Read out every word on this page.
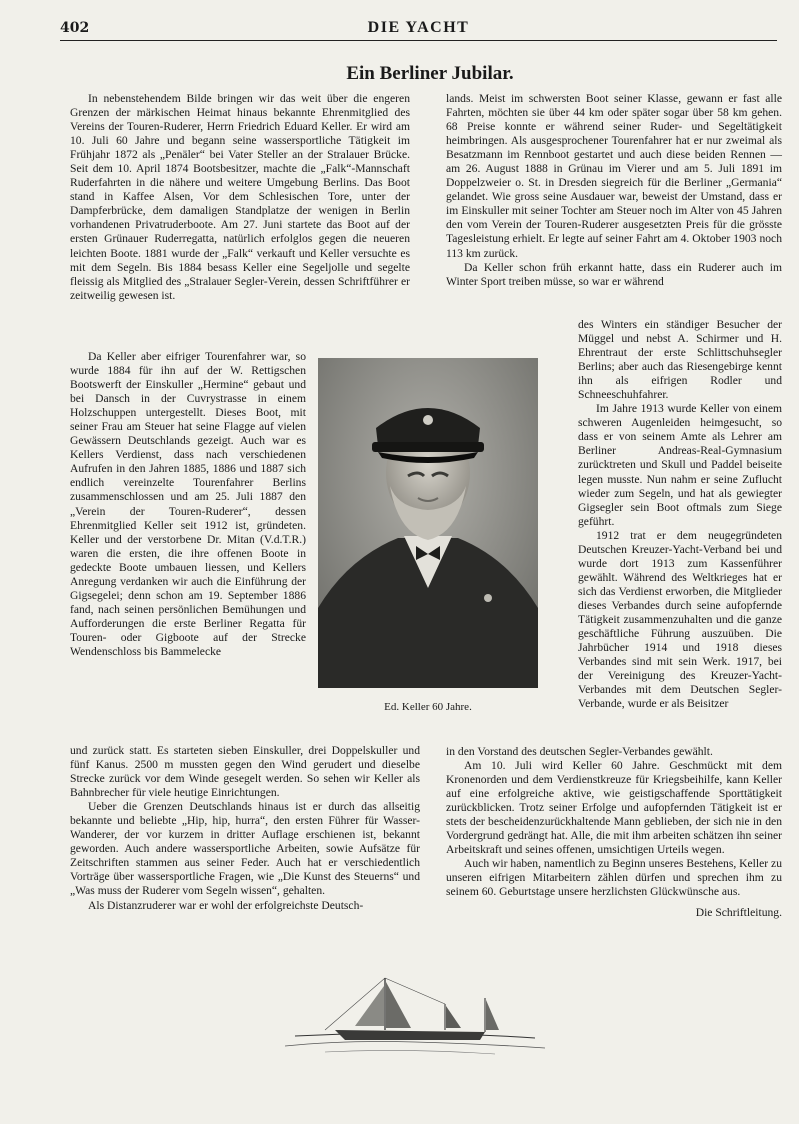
402	DIE YACHT
Ein Berliner Jubilar.

In nebenstehendem Bilde bringen wir das weit über die engeren Grenzen der märkischen Heimat hinaus bekannte Ehrenmitglied des Vereins der Touren-Ruderer, Herrn Friedrich Eduard Keller. Er wird am 10. Juli 60 Jahre und begann seine wassersportliche Tätigkeit im Frühjahr 1872 als „Penäler“ bei Vater Steller an der Stralauer Brücke. Seit dem 10. April 1874 Bootsbesitzer, machte die „Falk“-Mannschaft Ruderfahrten in die nähere und weitere Umgebung Berlins. Das Boot stand in Kaffee Alsen, Vor dem Schlesischen Tore, unter der Dampferbrücke, dem damaligen Standplatze der wenigen in Berlin vorhandenen Privatruderboote. Am 27. Juni startete das Boot auf der ersten Grünauer Ruderregatta, natürlich erfolglos gegen die neueren leichten Boote. 1881 wurde der „Falk“ verkauft und Keller versuchte es mit dem Segeln. Bis 1884 besass Keller eine Segeljolle und segelte fleissig als Mitglied des „Stralauer Segler-Verein, dessen Schriftführer er zeitweilig gewesen ist.

Da Keller aber eifriger Tourenfahrer war, so wurde 1884 für ihn auf der W. Rettigschen Bootswerft der Einskuller „Hermine“ gebaut und bei Dansch in der Cuvrystrasse in einem Holzschuppen untergestellt. Dieses Boot, mit seiner Frau am Steuer hat seine Flagge auf vielen Gewässern Deutschlands gezeigt. Auch war es Kellers Verdienst, dass nach verschiedenen Aufrufen in den Jahren 1885, 1886 und 1887 sich endlich vereinzelte Tourenfahrer Berlins zusammenschlossen und am 25. Juli 1887 den „Verein der Touren-Ruderer“, dessen Ehrenmitglied Keller seit 1912 ist, gründeten. Keller und der verstorbene Dr. Mitan (V.d.T.R.) waren die ersten, die ihre offenen Boote in gedeckte Boote umbauen liessen, und Kellers Anregung verdanken wir auch die Einführung der Gigsegelei; denn schon am 19. September 1886 fand, nach seinen persönlichen Bemühungen und Aufforderungen die erste Berliner Regatta für Touren- oder Gigboote auf der Strecke Wendenschloss bis Bammelecke

und zurück statt. Es starteten sieben Einskuller, drei Doppelskuller und fünf Kanus. 2500 m mussten gegen den Wind gerudert und dieselbe Strecke zurück vor dem Winde gesegelt werden. So sehen wir Keller als Bahnbrecher für viele heutige Einrichtungen.

Ueber die Grenzen Deutschlands hinaus ist er durch das allseitig bekannte und beliebte „Hip, hip, hurra“, den ersten Führer für Wasser-Wanderer, der vor kurzem in dritter Auflage erschienen ist, bekannt geworden. Auch andere wassersportliche Arbeiten, sowie Aufsätze für Zeitschriften stammen aus seiner Feder. Auch hat er verschiedentlich Vorträge über wassersportliche Fragen, wie „Die Kunst des Steuerns“ und „Was muss der Ruderer vom Segeln wissen“, gehalten.

Als Distanzruderer war er wohl der erfolgreichste Deutsch-

lands. Meist im schwersten Boot seiner Klasse, gewann er fast alle Fahrten, möchten sie über 44 km oder später sogar über 58 km gehen. 68 Preise konnte er während seiner Ruder- und Segeltätigkeit heimbringen. Als ausgesprochener Tourenfahrer hat er nur zweimal als Besatzmann im Rennboot gestartet und auch diese beiden Rennen — am 26. August 1888 in Grünau im Vierer und am 5. Juli 1891 im Doppelzweier o. St. in Dresden siegreich für die Berliner „Germania“ gelandet. Wie gross seine Ausdauer war, beweist der Umstand, dass er im Einskuller mit seiner Tochter am Steuer noch im Alter von 45 Jahren den vom Verein der Touren-Ruderer ausgesetzten Preis für die grösste Tagesleistung erhielt. Er legte auf seiner Fahrt am 4. Oktober 1903 noch 113 km zurück.

Da Keller schon früh erkannt hatte, dass ein Ruderer auch im Winter Sport treiben müsse, so war er während

des Winters ein ständiger Besucher der Müggel und nebst A. Schirmer und H. Ehrentraut der erste Schlittschuhsegler Berlins; aber auch das Riesengebirge kennt ihn als eifrigen Rodler und Schneeschuhfahrer.

Im Jahre 1913 wurde Keller von einem schweren Augenleiden heimgesucht, so dass er von seinem Amte als Lehrer am Berliner Andreas-Real-Gymnasium zurücktreten und Skull und Paddel beiseite legen musste. Nun nahm er seine Zuflucht wieder zum Segeln, und hat als gewiegter Gigsegler sein Boot oftmals zum Siege geführt.

1912 trat er dem neugegründeten Deutschen Kreuzer-Yacht-Verband bei und wurde dort 1913 zum Kassenführer gewählt. Während des Weltkrieges hat er sich das Verdienst erworben, die Mitglieder dieses Verbandes durch seine aufopfernde Tätigkeit zusammenzuhalten und die ganze geschäftliche Führung auszuüben. Die Jahrbücher 1914 und 1918 dieses Verbandes sind mit sein Werk. 1917, bei der Vereinigung des Kreuzer-Yacht-Verbandes mit dem Deutschen Segler-Verbande, wurde er als Beisitzer

in den Vorstand des deutschen Segler-Verbandes gewählt.

Am 10. Juli wird Keller 60 Jahre. Geschmückt mit dem Kronenorden und dem Verdienstkreuze für Kriegsbeihilfe, kann Keller auf eine erfolgreiche aktive, wie geistigschaffende Sporttätigkeit zurückblicken. Trotz seiner Erfolge und aufopfernden Tätigkeit ist er stets der bescheidenzurückhaltende Mann geblieben, der sich nie in den Vordergrund gedrängt hat. Alle, die mit ihm arbeiten schätzen ihn seiner Arbeitskraft und seines offenen, umsichtigen Urteils wegen.

Auch wir haben, namentlich zu Beginn unseres Bestehens, Keller zu unseren eifrigen Mitarbeitern zählen dürfen und sprechen ihm zu seinem 60. Geburtstage unsere herzlichsten Glückwünsche aus.

Die Schriftleitung.

Ed. Keller 60 Jahre.
